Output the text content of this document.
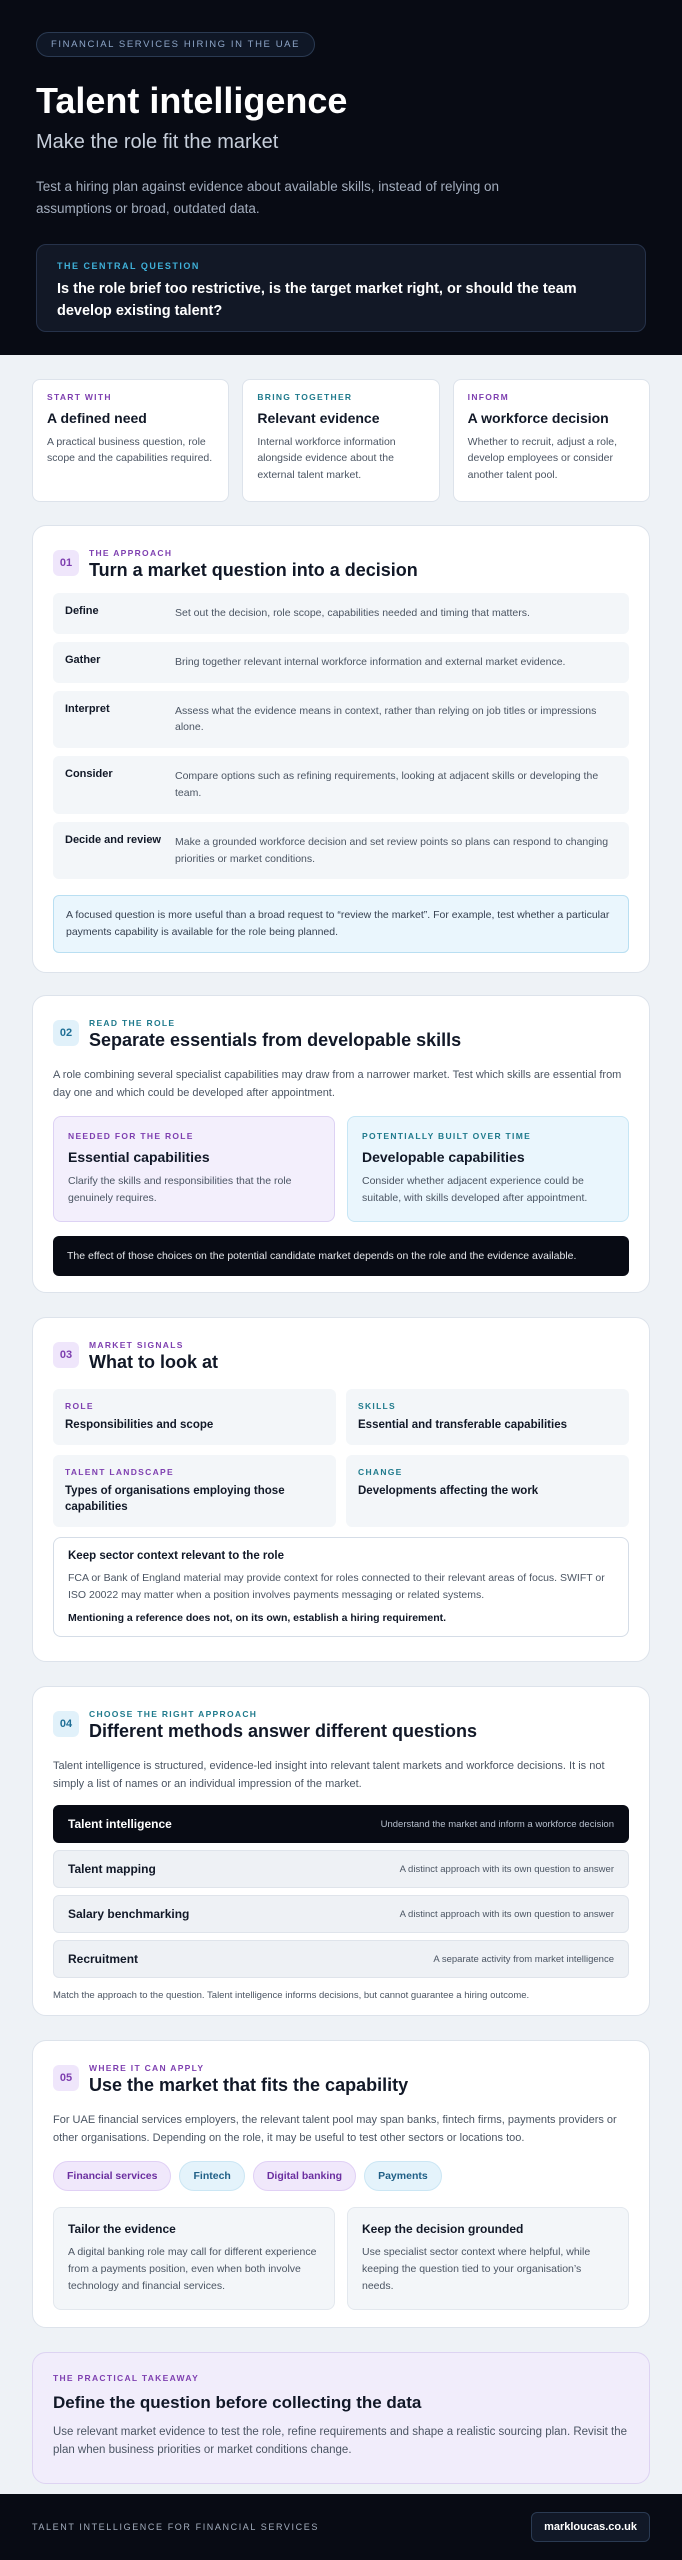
FINANCIAL SERVICES HIRING IN THE UAE
Talent intelligence
Make the role fit the market

Test a hiring plan against evidence about available skills, instead of relying on assumptions or broad, outdated data.

THE CENTRAL QUESTION
Is the role brief too restrictive, is the target market right, or should the team develop existing talent?
START WITH
A defined need
A practical business question, role scope and the capabilities required.
BRING TOGETHER
Relevant evidence
Internal workforce information alongside evidence about the external talent market.
INFORM
A workforce decision
Whether to recruit, adjust a role, develop employees or consider another talent pool.
01
THE APPROACH
Turn a market question into a decision
Define	Set out the decision, role scope, capabilities needed and timing that matters.
Gather	Bring together relevant internal workforce information and external market evidence.
Interpret	Assess what the evidence means in context, rather than relying on job titles or impressions alone.
Consider	Compare options such as refining requirements, looking at adjacent skills or developing the team.
Decide and review	Make a grounded workforce decision and set review points so plans can respond to changing priorities or market conditions.
A focused question is more useful than a broad request to “review the market”. For example, test whether a particular payments capability is available for the role being planned.
02
READ THE ROLE
Separate essentials from developable skills
A role combining several specialist capabilities may draw from a narrower market. Test which skills are essential from day one and which could be developed after appointment.
NEEDED FOR THE ROLE
Essential capabilities
Clarify the skills and responsibilities that the role genuinely requires.
POTENTIALLY BUILT OVER TIME
Developable capabilities
Consider whether adjacent experience could be suitable, with skills developed after appointment.
The effect of those choices on the potential candidate market depends on the role and the evidence available.
03
MARKET SIGNALS
What to look at
ROLE
Responsibilities and scope
SKILLS
Essential and transferable capabilities
TALENT LANDSCAPE
Types of organisations employing those capabilities
CHANGE
Developments affecting the work
Keep sector context relevant to the role
FCA or Bank of England material may provide context for roles connected to their relevant areas of focus. SWIFT or ISO 20022 may matter when a position involves payments messaging or related systems.
Mentioning a reference does not, on its own, establish a hiring requirement.
04
CHOOSE THE RIGHT APPROACH
Different methods answer different questions
Talent intelligence is structured, evidence-led insight into relevant talent markets and workforce decisions. It is not simply a list of names or an individual impression of the market.
Talent intelligence	Understand the market and inform a workforce decision
Talent mapping	A distinct approach with its own question to answer
Salary benchmarking	A distinct approach with its own question to answer
Recruitment	A separate activity from market intelligence
Match the approach to the question. Talent intelligence informs decisions, but cannot guarantee a hiring outcome.
05
WHERE IT CAN APPLY
Use the market that fits the capability
For UAE financial services employers, the relevant talent pool may span banks, fintech firms, payments providers or other organisations. Depending on the role, it may be useful to test other sectors or locations too.
Financial services	Fintech	Digital banking	Payments
Tailor the evidence
A digital banking role may call for different experience from a payments position, even when both involve technology and financial services.
Keep the decision grounded
Use specialist sector context where helpful, while keeping the question tied to your organisation’s needs.
THE PRACTICAL TAKEAWAY
Define the question before collecting the data
Use relevant market evidence to test the role, refine requirements and shape a realistic sourcing plan. Revisit the plan when business priorities or market conditions change.
TALENT INTELLIGENCE FOR FINANCIAL SERVICES	markloucas.co.uk
